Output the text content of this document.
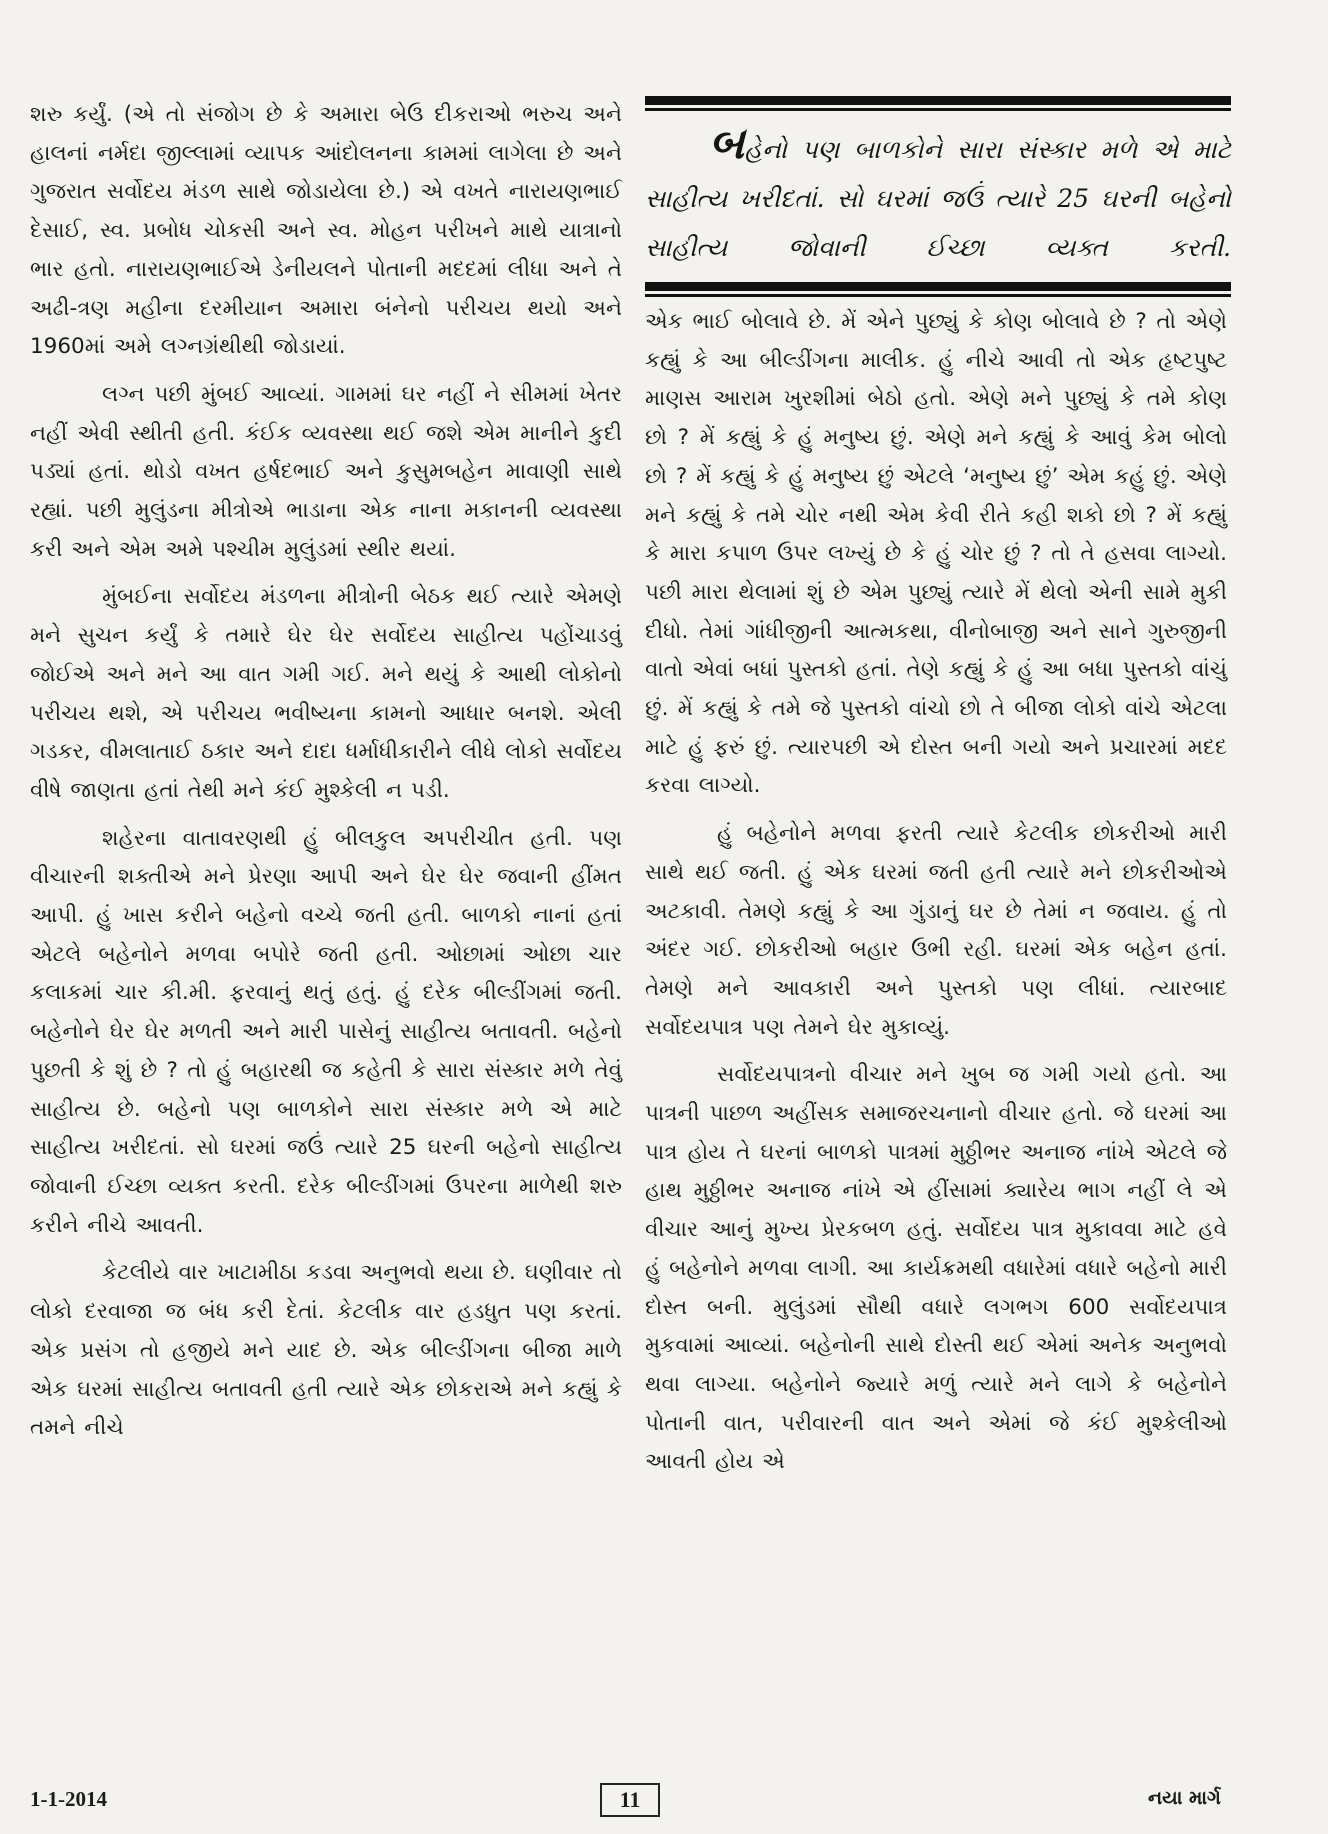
શરુ કર્યું. (એ તો સંજોગ છે કે અમારા બેઉ દીકરાઓ ભરુચ અને હાલનાં નર્મદા જીલ્લામાં વ્યાપક આંદોલનના કામમાં લાગેલા છે અને ગુજરાત સર્વોદય મંડળ સાથે જોડાયેલા છે.) એ વખતે નારાયણભાઈ દેસાઈ, સ્વ. પ્રબોધ ચોકસી અને સ્વ. મોહન પરીખને માથે યાત્રાનો ભાર હતો. નારાયણભાઈએ ડેનીયલને પોતાની મદદમાં લીધા અને તે અઢી-ત્રણ મહીના દરમીયાન અમારા બંનેનો પરીચય થયો અને 1960માં અમે લગ્નગ્રંથીથી જોડાયાં.

લગ્ન પછી મુંબઈ આવ્યાં. ગામમાં ઘર નહીં ને સીમમાં ખેતર નહીં એવી સ્થીતી હતી. કંઈક વ્યવસ્થા થઈ જશે એમ માનીને કુદી પડ્યાં હતાં. થોડો વખત હર્ષદભાઈ અને કુસુમબહેન માવાણી સાથે રહ્યાં. પછી મુલુંડના મીત્રોએ ભાડાના એક નાના મકાનની વ્યવસ્થા કરી અને એમ અમે પશ્ચીમ મુલુંડમાં સ્થીર થયાં.

મુંબઈના સર્વોદય મંડળના મીત્રોની બેઠક થઈ ત્યારે એમણે મને સુચન કર્યું કે તમારે ઘેર ઘેર સર્વોદય સાહીત્ય પહોંચાડવું જોઈએ અને મને આ વાત ગમી ગઈ. મને થયું કે આથી લોકોનો પરીચય થશે, એ પરીચય ભવીષ્યના કામનો આધાર બનશે. એલી ગડકર, વીમલાતાઈ ઠકાર અને દાદા ધર્માધીકારીને લીધે લોકો સર્વોદય વીષે જાણતા હતાં તેથી મને કંઈ મુશ્કેલી ન પડી.

શહેરના વાતાવરણથી હું બીલકુલ અપરીચીત હતી. પણ વીચારની શક્તીએ મને પ્રેરણા આપી અને ઘેર ઘેર જવાની હીંમત આપી. હું ખાસ કરીને બહેનો વચ્ચે જતી હતી. બાળકો નાનાં હતાં એટલે બહેનોને મળવા બપોરે જતી હતી. ઓછામાં ઓછા ચાર કલાકમાં ચાર કી.મી. ફરવાનું થતું હતું. હું દરેક બીલ્ડીંગમાં જતી. બહેનોને ઘેર ઘેર મળતી અને મારી પાસેનું સાહીત્ય બતાવતી. બહેનો પુછતી કે શું છે ? તો હું બહારથી જ કહેતી કે સારા સંસ્કાર મળે તેવું સાહીત્ય છે. બહેનો પણ બાળકોને સારા સંસ્કાર મળે એ માટે સાહીત્ય ખરીદતાં. સો ઘરમાં જઉં ત્યારે 25 ઘરની બહેનો સાહીત્ય જોવાની ઈચ્છા વ્યક્ત કરતી. દરેક બીલ્ડીંગમાં ઉપરના માળેથી શરુ કરીને નીચે આવતી.

કેટલીયે વાર ખાટામીઠા કડવા અનુભવો થયા છે. ઘણીવાર તો લોકો દરવાજા જ બંધ કરી દેતાં. કેટલીક વાર હડધુત પણ કરતાં. એક પ્રસંગ તો હજીયે મને યાદ છે. એક બીલ્ડીંગના બીજા માળે એક ઘરમાં સાહીત્ય બતાવતી હતી ત્યારે એક છોકરાએ મને કહ્યું કે તમને નીચે

બહેનો પણ બાળકોને સારા સંસ્કાર મળે એ માટે સાહીત્ય ખરીદતાં. સો ઘરમાં જઉં ત્યારે 25 ઘરની બહેનો સાહીત્ય જોવાની ઈચ્છા વ્યક્ત કરતી.

એક ભાઈ બોલાવે છે. મેં એને પુછ્યું કે કોણ બોલાવે છે ? તો એણે કહ્યું કે આ બીલ્ડીંગના માલીક. હું નીચે આવી તો એક હૃષ્ટપુષ્ટ માણસ આરામ ખુરશીમાં બેઠો હતો. એણે મને પુછ્યું કે તમે કોણ છો ? મેં કહ્યું કે હું મનુષ્ય છું. એણે મને કહ્યું કે આવું કેમ બોલો છો ? મેં કહ્યું કે હું મનુષ્ય છું એટલે ‘મનુષ્ય છું’ એમ કહું છું. એણે મને કહ્યું કે તમે ચોર નથી એમ કેવી રીતે કહી શકો છો ? મેં કહ્યું કે મારા કપાળ ઉપર લખ્યું છે કે હું ચોર છું ? તો તે હસવા લાગ્યો. પછી મારા થેલામાં શું છે એમ પુછ્યું ત્યારે મેં થેલો એની સામે મુકી દીધો. તેમાં ગાંધીજીની આત્મકથા, વીનોબાજી અને સાને ગુરુજીની વાતો એવાં બધાં પુસ્તકો હતાં. તેણે કહ્યું કે હું આ બધા પુસ્તકો વાંચું છું. મેં કહ્યું કે તમે જે પુસ્તકો વાંચો છો તે બીજા લોકો વાંચે એટલા માટે હું ફરું છું. ત્યારપછી એ દોસ્ત બની ગયો અને પ્રચારમાં મદદ કરવા લાગ્યો.

હું બહેનોને મળવા ફરતી ત્યારે કેટલીક છોકરીઓ મારી સાથે થઈ જતી. હું એક ઘરમાં જતી હતી ત્યારે મને છોકરીઓએ અટકાવી. તેમણે કહ્યું કે આ ગુંડાનું ઘર છે તેમાં ન જવાય. હું તો અંદર ગઈ. છોકરીઓ બહાર ઉભી રહી. ઘરમાં એક બહેન હતાં. તેમણે મને આવકારી અને પુસ્તકો પણ લીધાં. ત્યારબાદ સર્વોદયપાત્ર પણ તેમને ઘેર મુકાવ્યું.

સર્વોદયપાત્રનો વીચાર મને ખુબ જ ગમી ગયો હતો. આ પાત્રની પાછળ અહીંસક સમાજરચનાનો વીચાર હતો. જે ઘરમાં આ પાત્ર હોય તે ઘરનાં બાળકો પાત્રમાં મુઠ્ઠીભર અનાજ નાંખે એટલે જે હાથ મુઠ્ઠીભર અનાજ નાંખે એ હીંસામાં ક્યારેય ભાગ નહીં લે એ વીચાર આનું મુખ્ય પ્રેરકબળ હતું. સર્વોદય પાત્ર મુકાવવા માટે હવે હું બહેનોને મળવા લાગી. આ કાર્યક્રમથી વધારેમાં વધારે બહેનો મારી દોસ્ત બની. મુલુંડમાં સૌથી વધારે લગભગ 600 સર્વોદયપાત્ર મુકવામાં આવ્યાં. બહેનોની સાથે દોસ્તી થઈ એમાં અનેક અનુભવો થવા લાગ્યા. બહેનોને જ્યારે મળું ત્યારે મને લાગે કે બહેનોને પોતાની વાત, પરીવારની વાત અને એમાં જે કંઈ મુશ્કેલીઓ આવતી હોય એ

1-1-2014	11	નયા માર્ગ
